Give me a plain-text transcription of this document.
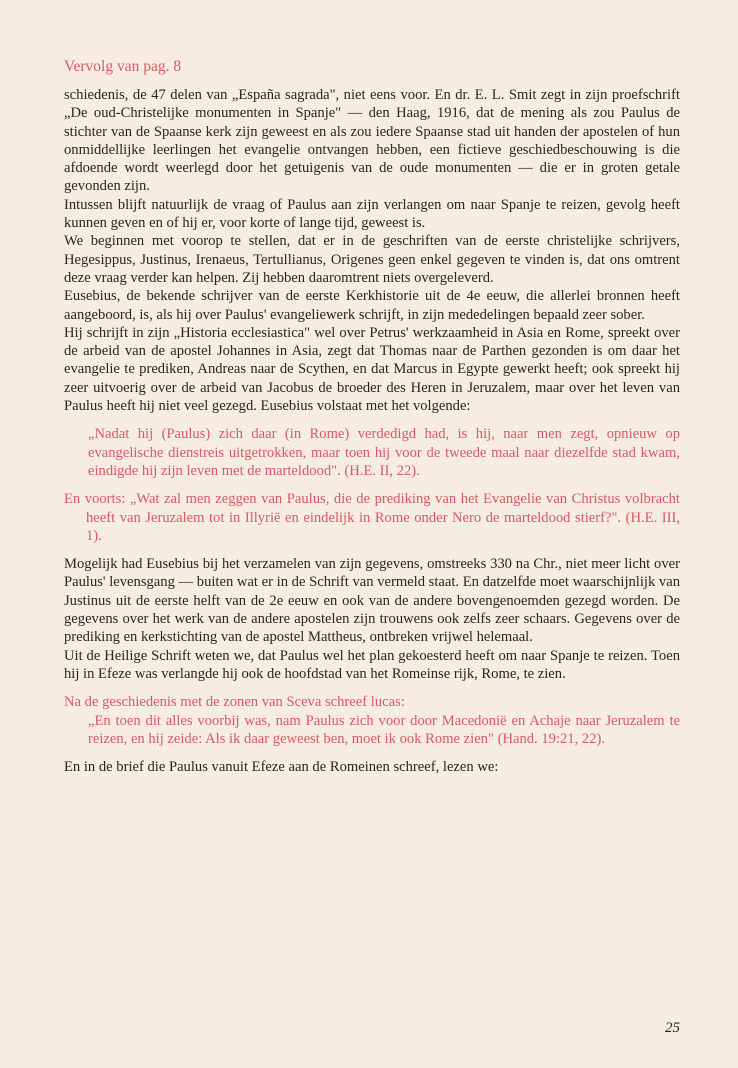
Vervolg van pag. 8

schiedenis, de 47 delen van „España sagrada", niet eens voor. En dr. E. L. Smit zegt in zijn proefschrift „De oud-Christelijke monumenten in Spanje" — den Haag, 1916, dat de mening als zou Paulus de stichter van de Spaanse kerk zijn geweest en als zou iedere Spaanse stad uit handen der apostelen of hun onmiddellijke leerlingen het evangelie ontvangen hebben, een fictieve geschiedbeschouwing is die afdoende wordt weerlegd door het getuigenis van de oude monumenten — die er in groten getale gevonden zijn.

Intussen blijft natuurlijk de vraag of Paulus aan zijn verlangen om naar Spanje te reizen, gevolg heeft kunnen geven en of hij er, voor korte of lange tijd, geweest is.

We beginnen met voorop te stellen, dat er in de geschriften van de eerste christelijke schrijvers, Hegesippus, Justinus, Irenaeus, Tertullianus, Origenes geen enkel gegeven te vinden is, dat ons omtrent deze vraag verder kan helpen. Zij hebben daaromtrent niets overgeleverd.

Eusebius, de bekende schrijver van de eerste Kerkhistorie uit de 4e eeuw, die allerlei bronnen heeft aangeboord, is, als hij over Paulus' evangeliewerk schrijft, in zijn mededelingen bepaald zeer sober.

Hij schrijft in zijn „Historia ecclesiastica" wel over Petrus' werkzaamheid in Asia en Rome, spreekt over de arbeid van de apostel Johannes in Asia, zegt dat Thomas naar de Parthen gezonden is om daar het evangelie te prediken, Andreas naar de Scythen, en dat Marcus in Egypte gewerkt heeft; ook spreekt hij zeer uitvoerig over de arbeid van Jacobus de broeder des Heren in Jeruzalem, maar over het leven van Paulus heeft hij niet veel gezegd. Eusebius volstaat met het volgende:

„Nadat hij (Paulus) zich daar (in Rome) verdedigd had, is hij, naar men zegt, opnieuw op evangelische dienstreis uitgetrokken, maar toen hij voor de tweede maal naar diezelfde stad kwam, eindigde hij zijn leven met de marteldood". (H.E. II, 22).

En voorts: „Wat zal men zeggen van Paulus, die de prediking van het Evangelie van Christus volbracht heeft van Jeruzalem tot in Illyrië en eindelijk in Rome onder Nero de marteldood stierf?". (H.E. III, 1).

Mogelijk had Eusebius bij het verzamelen van zijn gegevens, omstreeks 330 na Chr., niet meer licht over Paulus' levensgang — buiten wat er in de Schrift van vermeld staat. En datzelfde moet waarschijnlijk van Justinus uit de eerste helft van de 2e eeuw en ook van de andere bovengenoemden gezegd worden. De gegevens over het werk van de andere apostelen zijn trouwens ook zelfs zeer schaars. Gegevens over de prediking en kerkstichting van de apostel Mattheus, ontbreken vrijwel helemaal.

Uit de Heilige Schrift weten we, dat Paulus wel het plan gekoesterd heeft om naar Spanje te reizen. Toen hij in Efeze was verlangde hij ook de hoofdstad van het Romeinse rijk, Rome, te zien.

Na de geschiedenis met de zonen van Sceva schreef lucas:

„En toen dit alles voorbij was, nam Paulus zich voor door Macedonië en Achaje naar Jeruzalem te reizen, en hij zeide: Als ik daar geweest ben, moet ik ook Rome zien" (Hand. 19:21, 22).

En in de brief die Paulus vanuit Efeze aan de Romeinen schreef, lezen we:

25
